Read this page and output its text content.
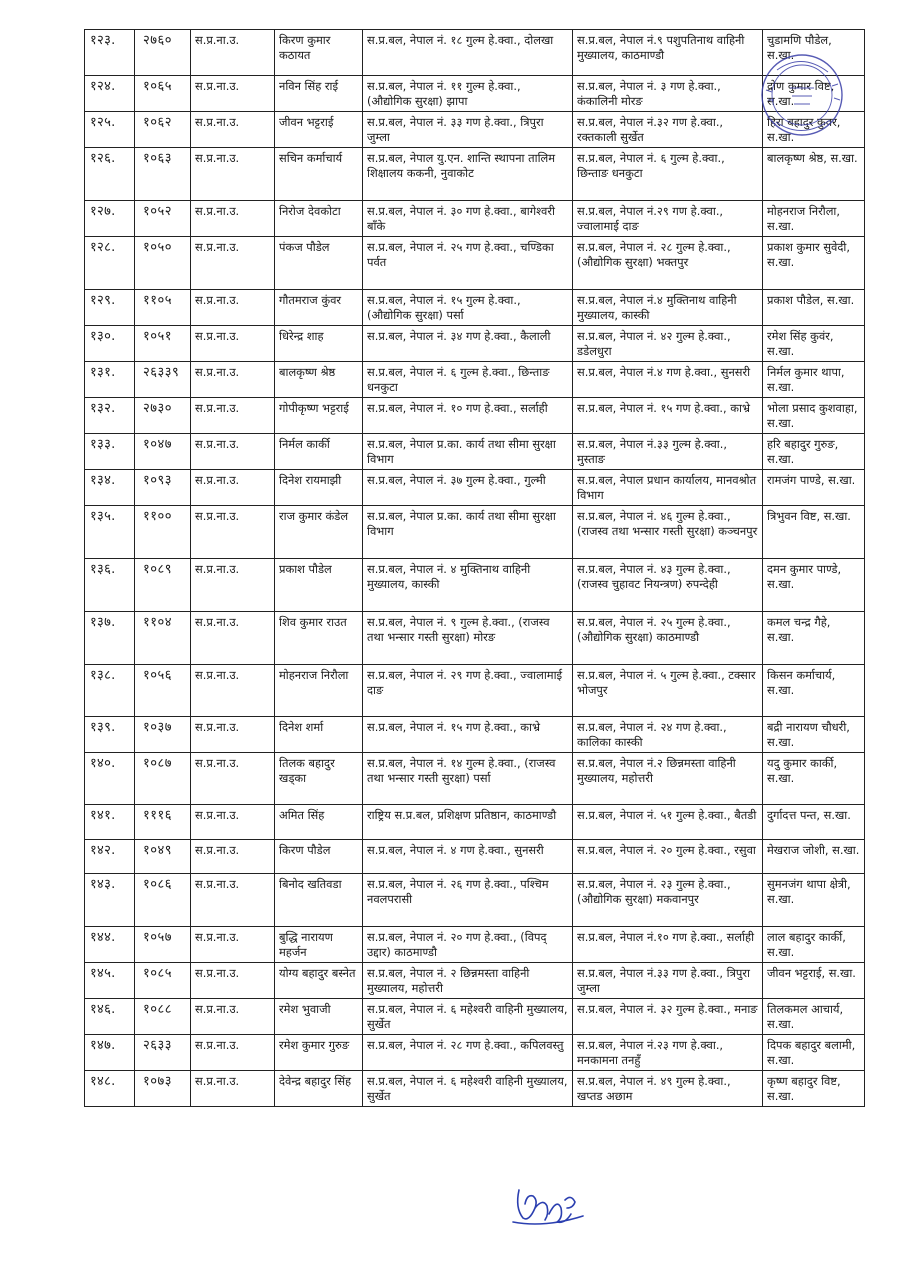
१२३.	२७६०	स.प्र.ना.उ.	किरण कुमार कठायत	स.प्र.बल, नेपाल नं. १८ गुल्म हे.क्वा., दोलखा	स.प्र.बल, नेपाल नं.९ पशुपतिनाथ वाहिनी मुख्यालय, काठमाण्डौ	चुडामणि पौडेल, स.खा.
१२४.	१०६५	स.प्र.ना.उ.	नविन सिंह राई	स.प्र.बल, नेपाल नं. ११ गुल्म हे.क्वा., (औद्योगिक सुरक्षा) झापा	स.प्र.बल, नेपाल नं. ३ गण हे.क्वा., कंकालिनी मोरङ	द्रोण कुमार विष्ट, स.खा.
१२५.	१०६२	स.प्र.ना.उ.	जीवन भट्टराई	स.प्र.बल, नेपाल नं. ३३ गण हे.क्वा., त्रिपुरा जुम्ला	स.प्र.बल, नेपाल नं.३२ गण हे.क्वा., रक्तकाली सुर्खेत	हिरा बहादुर कुवर, स.खा.
१२६.	१०६३	स.प्र.ना.उ.	सचिन कर्माचार्य	स.प्र.बल, नेपाल यु.एन. शान्ति स्थापना तालिम शिक्षालय ककनी, नुवाकोट	स.प्र.बल, नेपाल नं. ६ गुल्म हे.क्वा., छिन्ताङ धनकुटा	बालकृष्ण श्रेष्ठ, स.खा.
१२७.	१०५२	स.प्र.ना.उ.	निरोज देवकोटा	स.प्र.बल, नेपाल नं. ३० गण हे.क्वा., बागेश्वरी बाँके	स.प्र.बल, नेपाल नं.२९ गण हे.क्वा., ज्वालामाई दाङ	मोहनराज निरौला, स.खा.
१२८.	१०५०	स.प्र.ना.उ.	पंकज पौडेल	स.प्र.बल, नेपाल नं. २५ गण हे.क्वा., चण्डिका पर्वत	स.प्र.बल, नेपाल नं. २८ गुल्म हे.क्वा., (औद्योगिक सुरक्षा) भक्तपुर	प्रकाश कुमार सुवेदी, स.खा.
१२९.	११०५	स.प्र.ना.उ.	गौतमराज कुंवर	स.प्र.बल, नेपाल नं. १५ गुल्म हे.क्वा., (औद्योगिक सुरक्षा) पर्सा	स.प्र.बल, नेपाल नं.४ मुक्तिनाथ वाहिनी मुख्यालय, कास्की	प्रकाश पौडेल, स.खा.
१३०.	१०५१	स.प्र.ना.उ.	धिरेन्द्र शाह	स.प्र.बल, नेपाल नं. ३४ गण हे.क्वा., कैलाली	स.प्र.बल, नेपाल नं. ४२ गुल्म हे.क्वा., डडेलधुरा	रमेश सिंह कुवंर, स.खा.
१३१.	२६३३९	स.प्र.ना.उ.	बालकृष्ण श्रेष्ठ	स.प्र.बल, नेपाल नं. ६ गुल्म हे.क्वा., छिन्ताङ धनकुटा	स.प्र.बल, नेपाल नं.४ गण हे.क्वा., सुनसरी	निर्मल कुमार थापा, स.खा.
१३२.	२७३०	स.प्र.ना.उ.	गोपीकृष्ण भट्टराई	स.प्र.बल, नेपाल नं. १० गण हे.क्वा., सर्लाही	स.प्र.बल, नेपाल नं. १५ गण हे.क्वा., काभ्रे	भोला प्रसाद कुशवाहा, स.खा.
१३३.	१०४७	स.प्र.ना.उ.	निर्मल कार्की	स.प्र.बल, नेपाल प्र.का. कार्य तथा सीमा सुरक्षा विभाग	स.प्र.बल, नेपाल नं.३३ गुल्म हे.क्वा., मुस्ताङ	हरि बहादुर गुरुङ, स.खा.
१३४.	१०९३	स.प्र.ना.उ.	दिनेश रायमाझी	स.प्र.बल, नेपाल नं. ३७ गुल्म हे.क्वा., गुल्मी	स.प्र.बल, नेपाल प्रधान कार्यालय, मानवश्रोत विभाग	रामजंग पाण्डे, स.खा.
१३५.	११००	स.प्र.ना.उ.	राज कुमार कंडेल	स.प्र.बल, नेपाल प्र.का. कार्य तथा सीमा सुरक्षा विभाग	स.प्र.बल, नेपाल नं. ४६ गुल्म हे.क्वा., (राजस्व तथा भन्सार गस्ती सुरक्षा) कञ्चनपुर	त्रिभुवन विष्ट, स.खा.
१३६.	१०८९	स.प्र.ना.उ.	प्रकाश पौडेल	स.प्र.बल, नेपाल नं. ४ मुक्तिनाथ वाहिनी मुख्यालय, कास्की	स.प्र.बल, नेपाल नं. ४३ गुल्म हे.क्वा., (राजस्व चुहावट नियन्त्रण) रुपन्देही	दमन कुमार पाण्डे, स.खा.
१३७.	११०४	स.प्र.ना.उ.	शिव कुमार राउत	स.प्र.बल, नेपाल नं. ९ गुल्म हे.क्वा., (राजस्व तथा भन्सार गस्ती सुरक्षा) मोरङ	स.प्र.बल, नेपाल नं. २५ गुल्म हे.क्वा., (औद्योगिक सुरक्षा) काठमाण्डौ	कमल चन्द्र गैहे, स.खा.
१३८.	१०५६	स.प्र.ना.उ.	मोहनराज निरौला	स.प्र.बल, नेपाल नं. २९ गण हे.क्वा., ज्वालामाई दाङ	स.प्र.बल, नेपाल नं. ५ गुल्म हे.क्वा., टक्सार भोजपुर	किसन कर्माचार्य, स.खा.
१३९.	१०३७	स.प्र.ना.उ.	दिनेश शर्मा	स.प्र.बल, नेपाल नं. १५ गण हे.क्वा., काभ्रे	स.प्र.बल, नेपाल नं. २४ गण हे.क्वा., कालिका कास्की	बद्री नारायण चौधरी, स.खा.
१४०.	१०८७	स.प्र.ना.उ.	तिलक बहादुर खड्का	स.प्र.बल, नेपाल नं. १४ गुल्म हे.क्वा., (राजस्व तथा भन्सार गस्ती सुरक्षा) पर्सा	स.प्र.बल, नेपाल नं.२ छिन्नमस्ता वाहिनी मुख्यालय, महोत्तरी	यदु कुमार कार्की, स.खा.
१४१.	१११६	स.प्र.ना.उ.	अमित सिंह	राष्ट्रिय स.प्र.बल, प्रशिक्षण प्रतिष्ठान, काठमाण्डौ	स.प्र.बल, नेपाल नं. ५१ गुल्म हे.क्वा., बैतडी	दुर्गादत्त पन्त, स.खा.
१४२.	१०४९	स.प्र.ना.उ.	किरण पौडेल	स.प्र.बल, नेपाल नं. ४ गण हे.क्वा., सुनसरी	स.प्र.बल, नेपाल नं. २० गुल्म हे.क्वा., रसुवा	मेखराज जोशी, स.खा.
१४३.	१०८६	स.प्र.ना.उ.	बिनोद खतिवडा	स.प्र.बल, नेपाल नं. २६ गण हे.क्वा., पश्चिम नवलपरासी	स.प्र.बल, नेपाल नं. २३ गुल्म हे.क्वा., (औद्योगिक सुरक्षा) मकवानपुर	सुमनजंग थापा क्षेत्री, स.खा.
१४४.	१०५७	स.प्र.ना.उ.	बुद्धि नारायण महर्जन	स.प्र.बल, नेपाल नं. २० गण हे.क्वा., (विपद् उद्दार) काठमाण्डौ	स.प्र.बल, नेपाल नं.१० गण हे.क्वा., सर्लाही	लाल बहादुर कार्की, स.खा.
१४५.	१०८५	स.प्र.ना.उ.	योग्य बहादुर बस्नेत	स.प्र.बल, नेपाल नं. २ छिन्नमस्ता वाहिनी मुख्यालय, महोत्तरी	स.प्र.बल, नेपाल नं.३३ गण हे.क्वा., त्रिपुरा जुम्ला	जीवन भट्टराई, स.खा.
१४६.	१०८८	स.प्र.ना.उ.	रमेश भुवाजी	स.प्र.बल, नेपाल नं. ६ महेश्वरी वाहिनी मुख्यालय, सुर्खेत	स.प्र.बल, नेपाल नं. ३२ गुल्म हे.क्वा., मनाङ	तिलकमल आचार्य, स.खा.
१४७.	२६३३	स.प्र.ना.उ.	रमेश कुमार गुरुङ	स.प्र.बल, नेपाल नं. २८ गण हे.क्वा., कपिलवस्तु	स.प्र.बल, नेपाल नं.२३ गण हे.क्वा., मनकामना तनहुँ	दिपक बहादुर बलामी, स.खा.
१४८.	१०७३	स.प्र.ना.उ.	देवेन्द्र बहादुर सिंह	स.प्र.बल, नेपाल नं. ६ महेश्वरी वाहिनी मुख्यालय, सुर्खेत	स.प्र.बल, नेपाल नं. ४९ गुल्म हे.क्वा., खप्तड अछाम	कृष्ण बहादुर विष्ट, स.खा.
